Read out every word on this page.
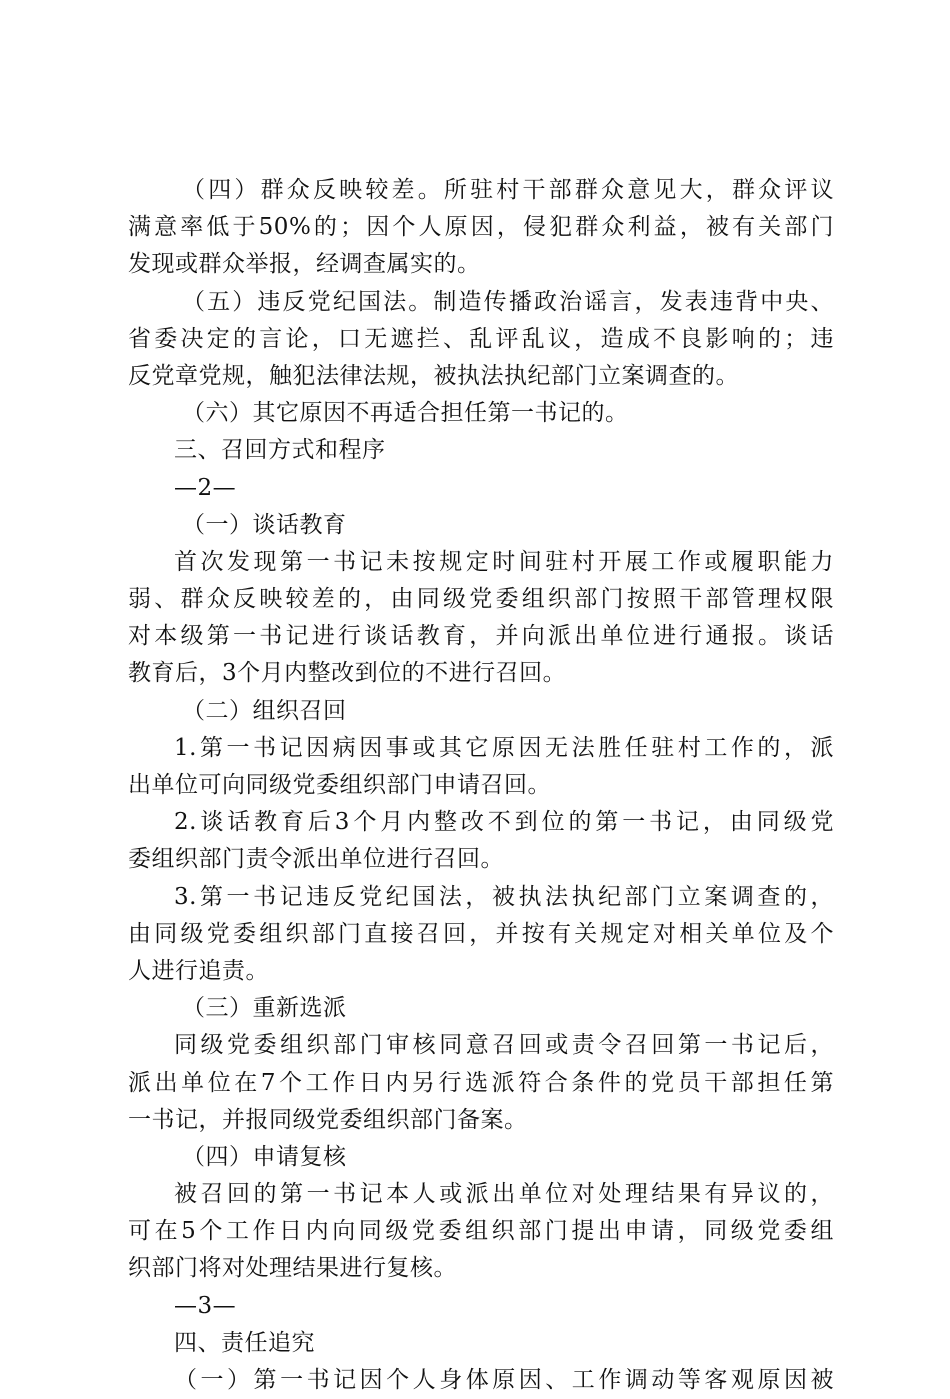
（四）群众反映较差。所驻村干部群众意见大，群众评议
满意率低于50%的；因个人原因，侵犯群众利益，被有关部门
发现或群众举报，经调查属实的。
（五）违反党纪国法。制造传播政治谣言，发表违背中央、
省委决定的言论，口无遮拦、乱评乱议，造成不良影响的；违
反党章党规，触犯法律法规，被执法执纪部门立案调查的。
（六）其它原因不再适合担任第一书记的。
三、召回方式和程序
—2—
（一）谈话教育
首次发现第一书记未按规定时间驻村开展工作或履职能力
弱、群众反映较差的，由同级党委组织部门按照干部管理权限
对本级第一书记进行谈话教育，并向派出单位进行通报。谈话
教育后，3个月内整改到位的不进行召回。
（二）组织召回
1.第一书记因病因事或其它原因无法胜任驻村工作的，派
出单位可向同级党委组织部门申请召回。
2.谈话教育后3个月内整改不到位的第一书记，由同级党
委组织部门责令派出单位进行召回。
3.第一书记违反党纪国法，被执法执纪部门立案调查的，
由同级党委组织部门直接召回，并按有关规定对相关单位及个
人进行追责。
（三）重新选派
同级党委组织部门审核同意召回或责令召回第一书记后，
派出单位在7个工作日内另行选派符合条件的党员干部担任第
一书记，并报同级党委组织部门备案。
（四）申请复核
被召回的第一书记本人或派出单位对处理结果有异议的，
可在5个工作日内向同级党委组织部门提出申请，同级党委组
织部门将对处理结果进行复核。
—3—
四、责任追究
（一）第一书记因个人身体原因、工作调动等客观原因被
